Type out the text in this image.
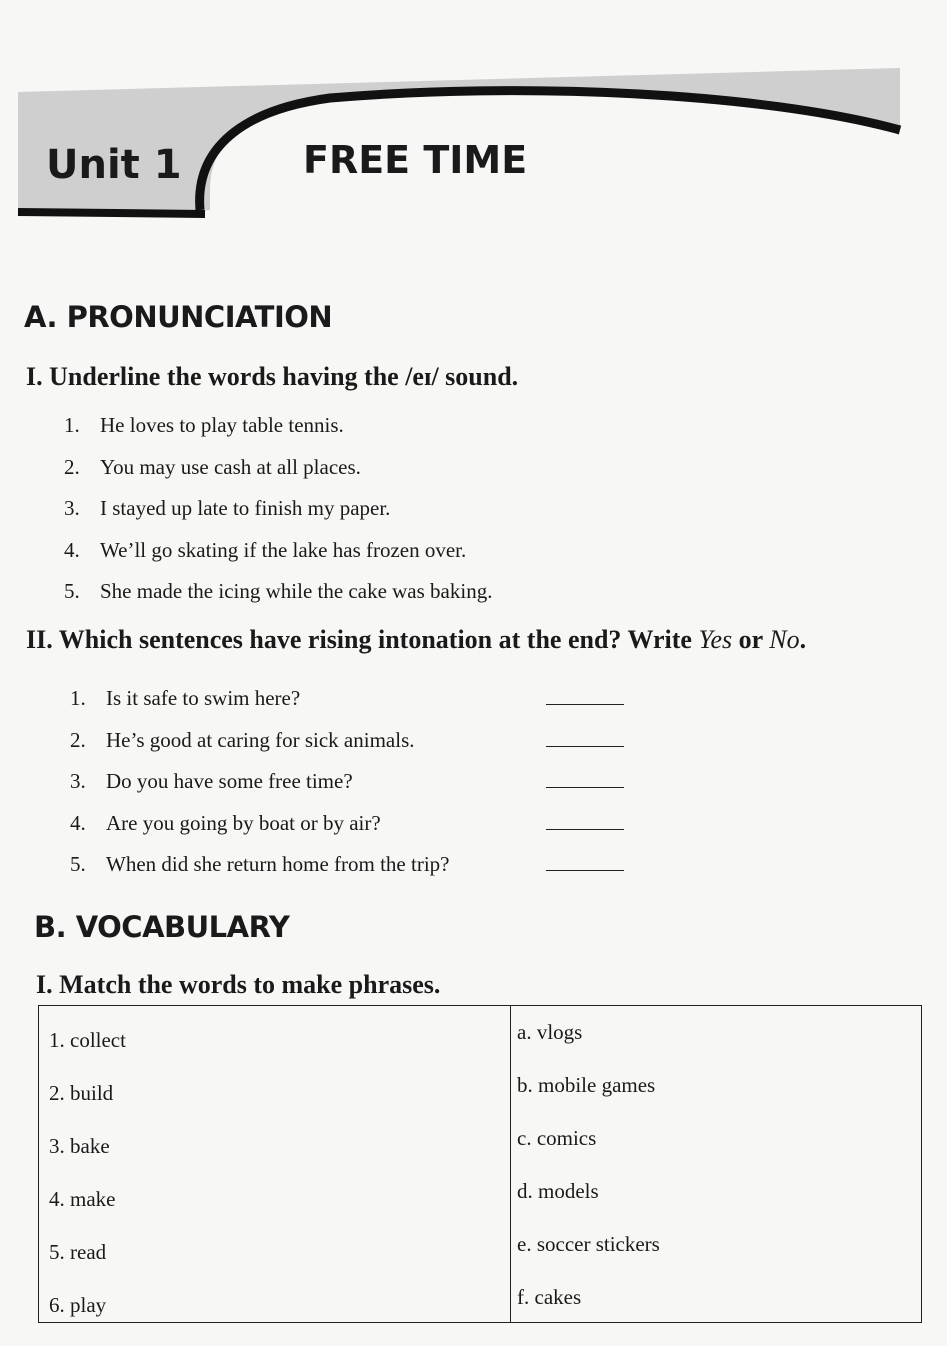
Unit 1	FREE TIME
A. PRONUNCIATION
I. Underline the words having the /eɪ/ sound.
1. He loves to play table tennis.
2. You may use cash at all places.
3. I stayed up late to finish my paper.
4. We’ll go skating if the lake has frozen over.
5. She made the icing while the cake was baking.
II. Which sentences have rising intonation at the end? Write Yes or No.
1. Is it safe to swim here?
2. He’s good at caring for sick animals.
3. Do you have some free time?
4. Are you going by boat or by air?
5. When did she return home from the trip?
B. VOCABULARY
I. Match the words to make phrases.
1. collect
2. build
3. bake
4. make
5. read
6. play
a. vlogs
b. mobile games
c. comics
d. models
e. soccer stickers
f. cakes
